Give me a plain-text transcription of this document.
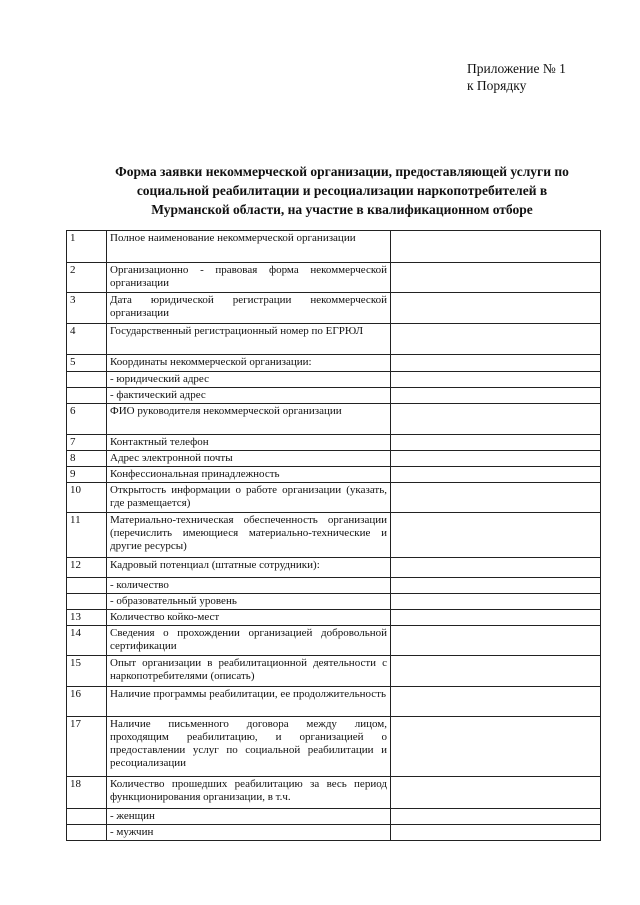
Приложение № 1
к Порядку
Форма заявки некоммерческой организации, предоставляющей услуги по
социальной реабилитации и ресоциализации наркопотребителей в
Мурманской области, на участие в квалификационном отборе
1	Полное наименование некоммерческой организации	
2	Организационно - правовая форма некоммерческой организации	
3	Дата юридической регистрации некоммерческой организации	
4	Государственный регистрационный номер по ЕГРЮЛ	
5	Координаты некоммерческой организации:	
	- юридический адрес	
	- фактический адрес	
6	ФИО руководителя некоммерческой организации	
7	Контактный телефон	
8	Адрес электронной почты	
9	Конфессиональная принадлежность	
10	Открытость информации о работе организации (указать, где размещается)	
11	Материально-техническая обеспеченность организации (перечислить имеющиеся материально-технические и другие ресурсы)	
12	Кадровый потенциал (штатные сотрудники):	
	- количество	
	- образовательный уровень	
13	Количество койко-мест	
14	Сведения о прохождении организацией добровольной сертификации	
15	Опыт организации в реабилитационной деятельности с наркопотребителями (описать)	
16	Наличие программы реабилитации, ее продолжительность	
17	Наличие письменного договора между лицом, проходящим реабилитацию, и организацией о предоставлении услуг по социальной реабилитации и ресоциализации	
18	Количество прошедших реабилитацию за весь период функционирования организации, в т.ч.	
	- женщин	
	- мужчин	
